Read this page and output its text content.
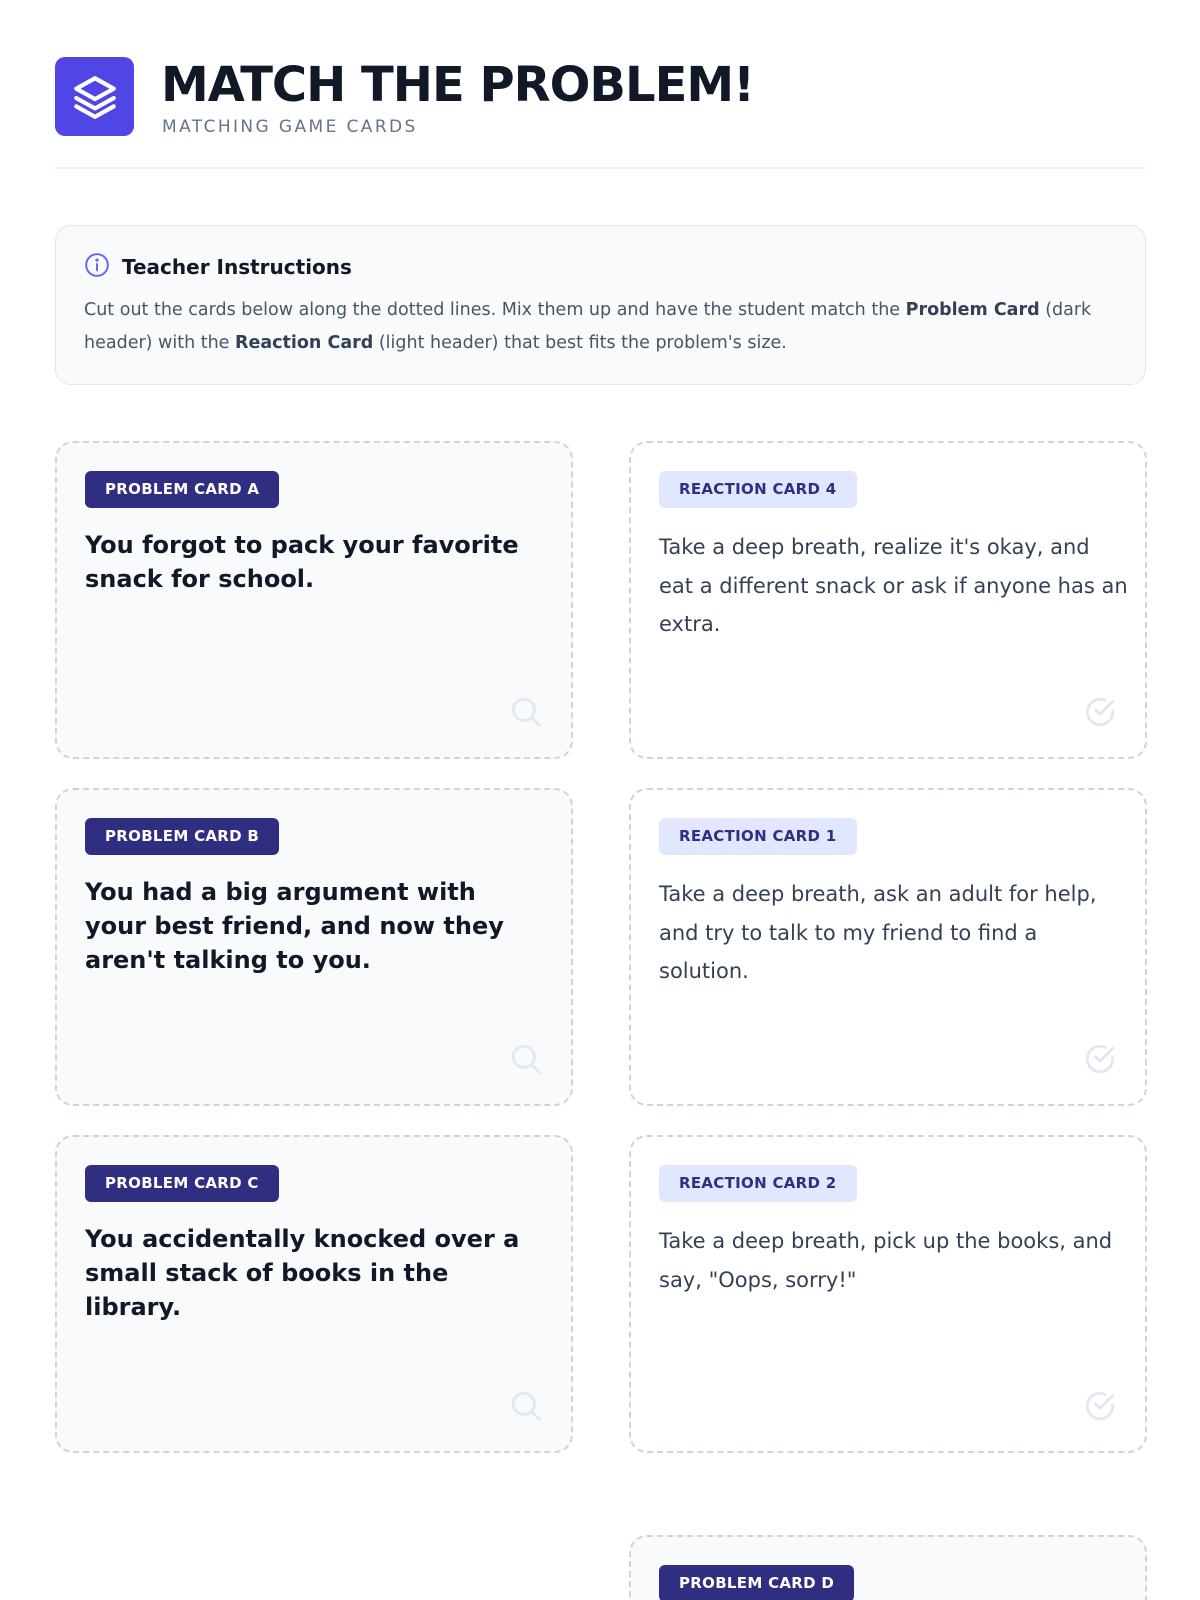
MATCH THE PROBLEM!
MATCHING GAME CARDS
Teacher Instructions
Cut out the cards below along the dotted lines. Mix them up and have the student match the Problem Card (dark header) with the Reaction Card (light header) that best fits the problem's size.
PROBLEM CARD A
You forgot to pack your favorite snack for school.
REACTION CARD 4
Take a deep breath, realize it's okay, and eat a different snack or ask if anyone has an extra.
PROBLEM CARD B
You had a big argument with your best friend, and now they aren't talking to you.
REACTION CARD 1
Take a deep breath, ask an adult for help, and try to talk to my friend to find a solution.
PROBLEM CARD C
You accidentally knocked over a small stack of books in the library.
REACTION CARD 2
Take a deep breath, pick up the books, and say, "Oops, sorry!"
PROBLEM CARD D
